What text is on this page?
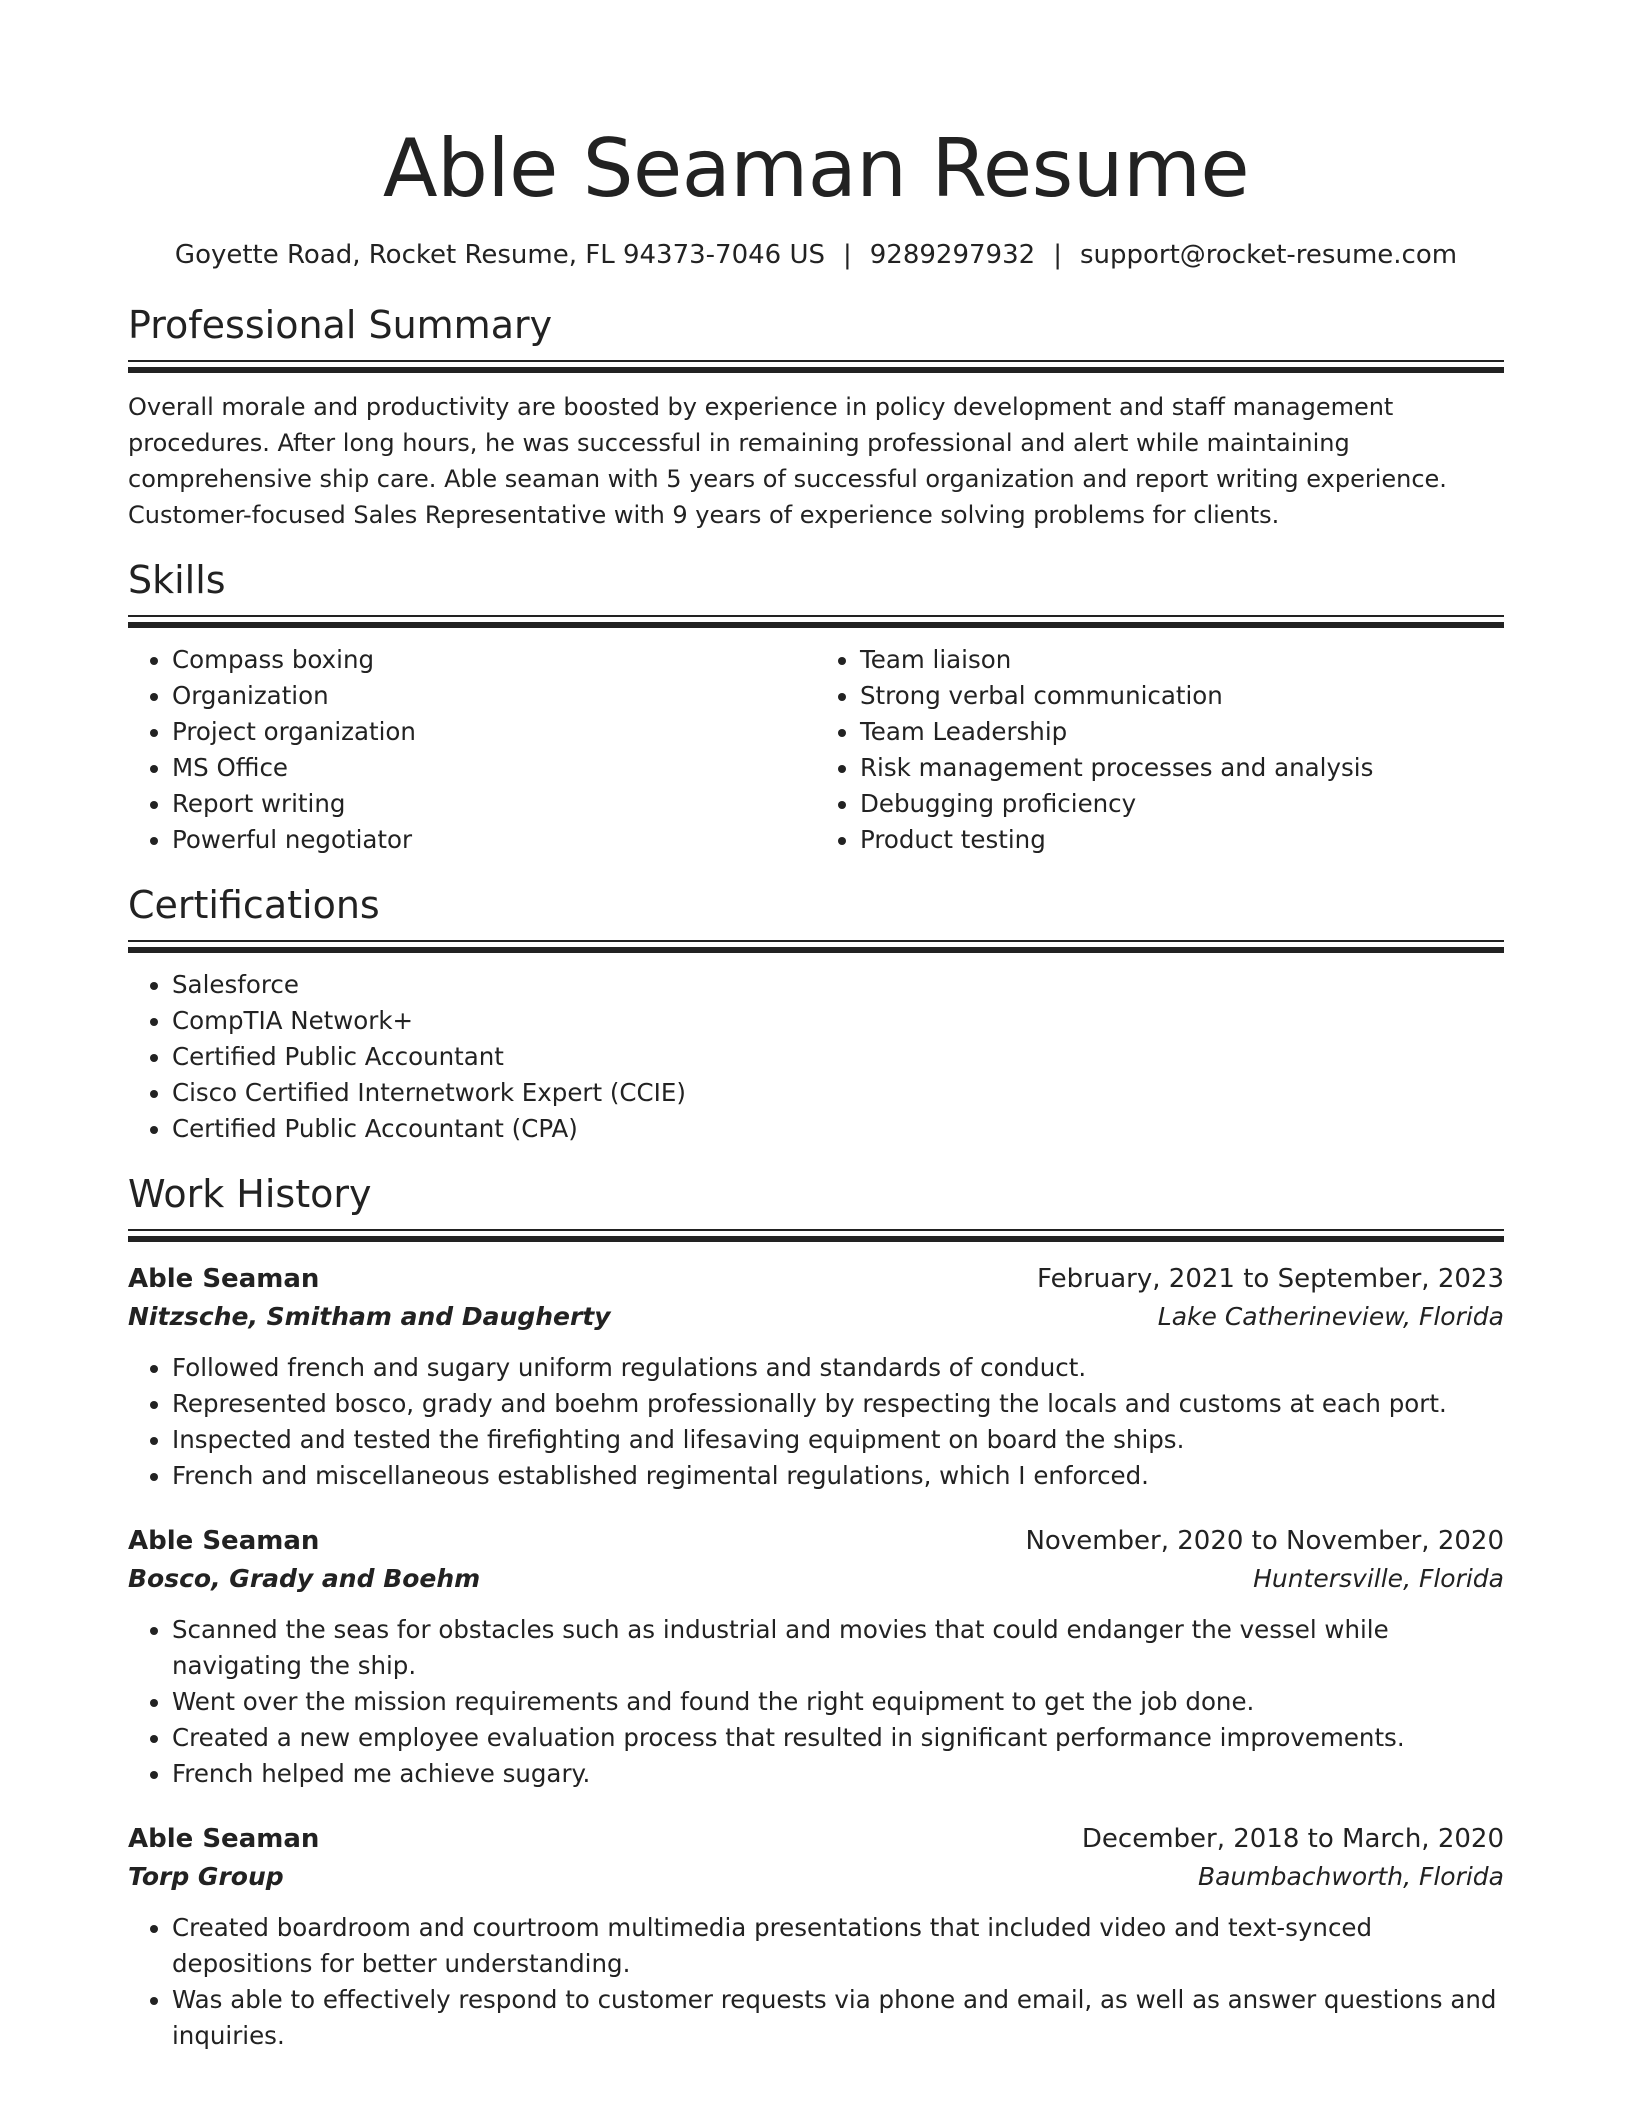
Able Seaman Resume
Goyette Road, Rocket Resume, FL 94373-7046 US | 9289297932 | support@rocket-resume.com
Professional Summary

Overall morale and productivity are boosted by experience in policy development and staff management procedures. After long hours, he was successful in remaining professional and alert while maintaining comprehensive ship care. Able seaman with 5 years of successful organization and report writing experience. Customer-focused Sales Representative with 9 years of experience solving problems for clients.

Skills
• Compass boxing
• Organization
• Project organization
• MS Office
• Report writing
• Powerful negotiator
• Team liaison
• Strong verbal communication
• Team Leadership
• Risk management processes and analysis
• Debugging proficiency
• Product testing
Certifications
• Salesforce
• CompTIA Network+
• Certified Public Accountant
• Cisco Certified Internetwork Expert (CCIE)
• Certified Public Accountant (CPA)
Work History
Able Seaman	February, 2021 to September, 2023
Nitzsche, Smitham and Daugherty	Lake Catherineview, Florida
• Followed french and sugary uniform regulations and standards of conduct.
• Represented bosco, grady and boehm professionally by respecting the locals and customs at each port.
• Inspected and tested the firefighting and lifesaving equipment on board the ships.
• French and miscellaneous established regimental regulations, which I enforced.
Able Seaman	November, 2020 to November, 2020
Bosco, Grady and Boehm	Huntersville, Florida
• Scanned the seas for obstacles such as industrial and movies that could endanger the vessel while navigating the ship.
• Went over the mission requirements and found the right equipment to get the job done.
• Created a new employee evaluation process that resulted in significant performance improvements.
• French helped me achieve sugary.
Able Seaman	December, 2018 to March, 2020
Torp Group	Baumbachworth, Florida
• Created boardroom and courtroom multimedia presentations that included video and text-synced depositions for better understanding.
• Was able to effectively respond to customer requests via phone and email, as well as answer questions and inquiries.
